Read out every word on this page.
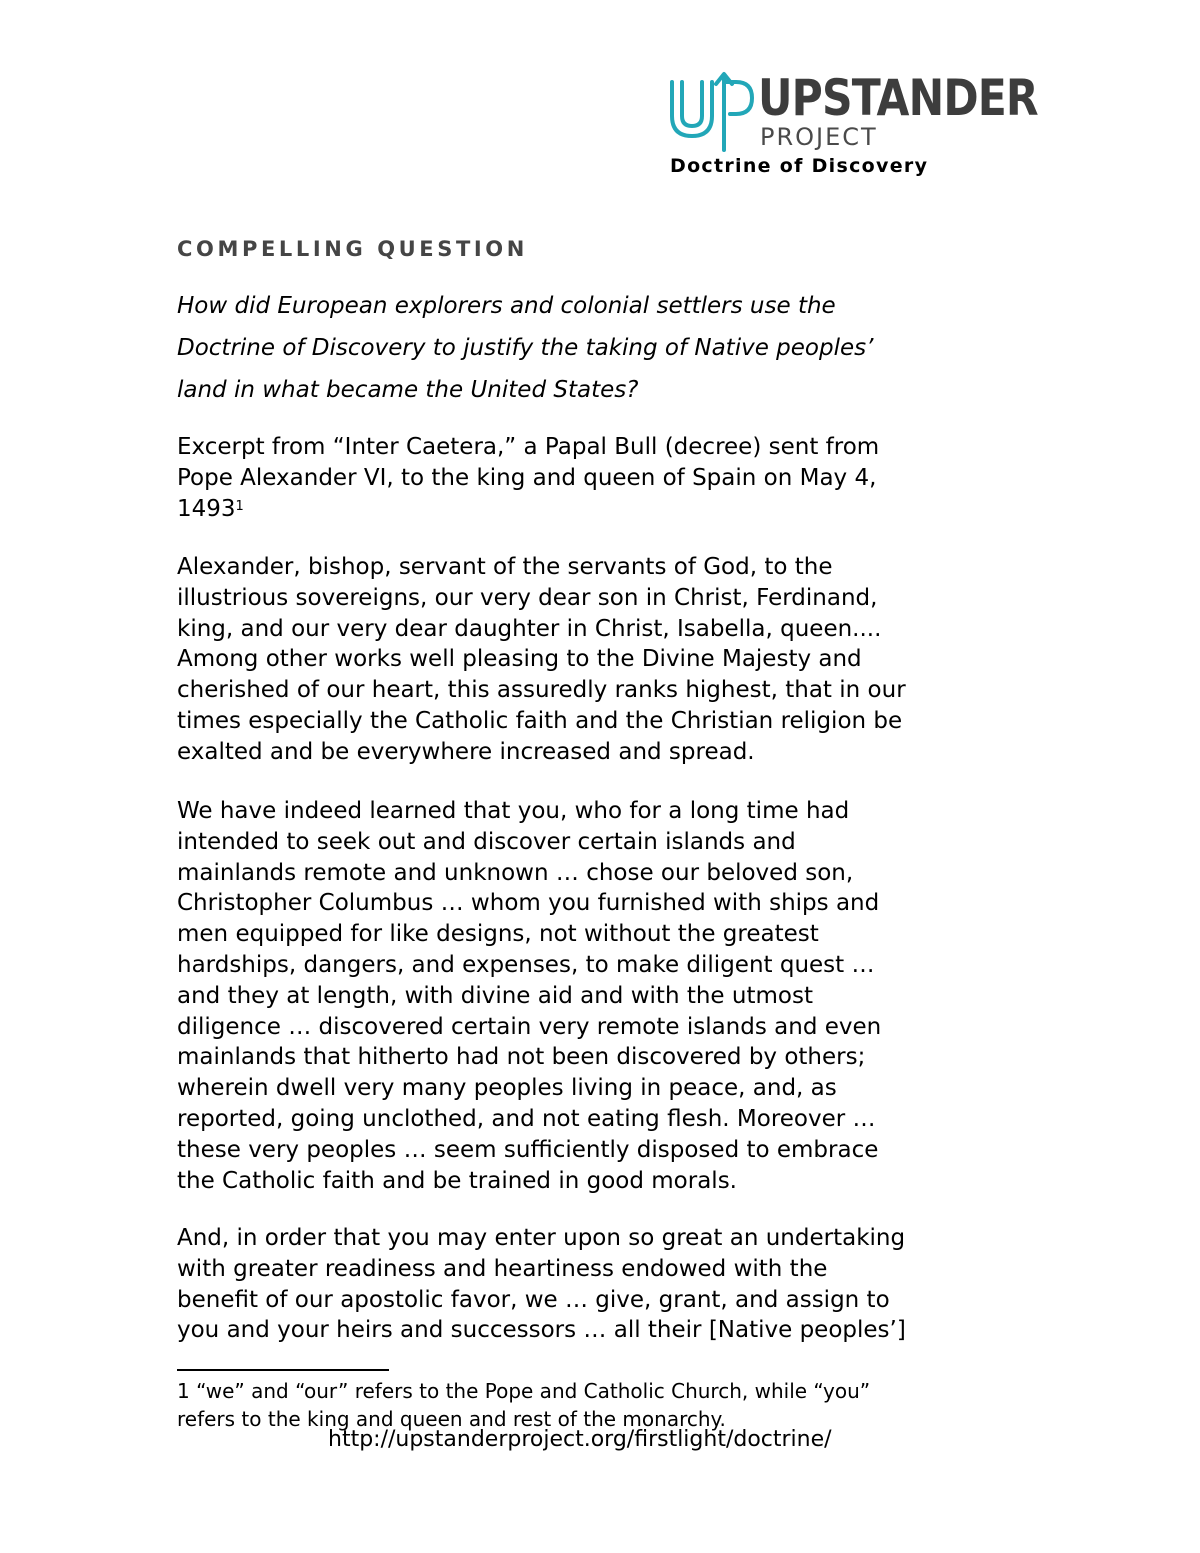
UPSTANDER
PROJECT
Doctrine of Discovery
COMPELLING QUESTION
How did European explorers and colonial settlers use the
Doctrine of Discovery to justify the taking of Native peoples’
land in what became the United States?
Excerpt from “Inter Caetera,” a Papal Bull (decree) sent from
Pope Alexander VI, to the king and queen of Spain on May 4,
1493$^1$
Alexander, bishop, servant of the servants of God, to the
illustrious sovereigns, our very dear son in Christ, Ferdinand,
king, and our very dear daughter in Christ, Isabella, queen....
Among other works well pleasing to the Divine Majesty and
cherished of our heart, this assuredly ranks highest, that in our
times especially the Catholic faith and the Christian religion be
exalted and be everywhere increased and spread.
We have indeed learned that you, who for a long time had
intended to seek out and discover certain islands and
mainlands remote and unknown … chose our beloved son,
Christopher Columbus … whom you furnished with ships and
men equipped for like designs, not without the greatest
hardships, dangers, and expenses, to make diligent quest …
and they at length, with divine aid and with the utmost
diligence … discovered certain very remote islands and even
mainlands that hitherto had not been discovered by others;
wherein dwell very many peoples living in peace, and, as
reported, going unclothed, and not eating flesh. Moreover …
these very peoples … seem sufficiently disposed to embrace
the Catholic faith and be trained in good morals.
And, in order that you may enter upon so great an undertaking
with greater readiness and heartiness endowed with the
benefit of our apostolic favor, we … give, grant, and assign to
you and your heirs and successors … all their [Native peoples’]
1 “we” and “our” refers to the Pope and Catholic Church, while “you”
refers to the king and queen and rest of the monarchy.
http://upstanderproject.org/firstlight/doctrine/
